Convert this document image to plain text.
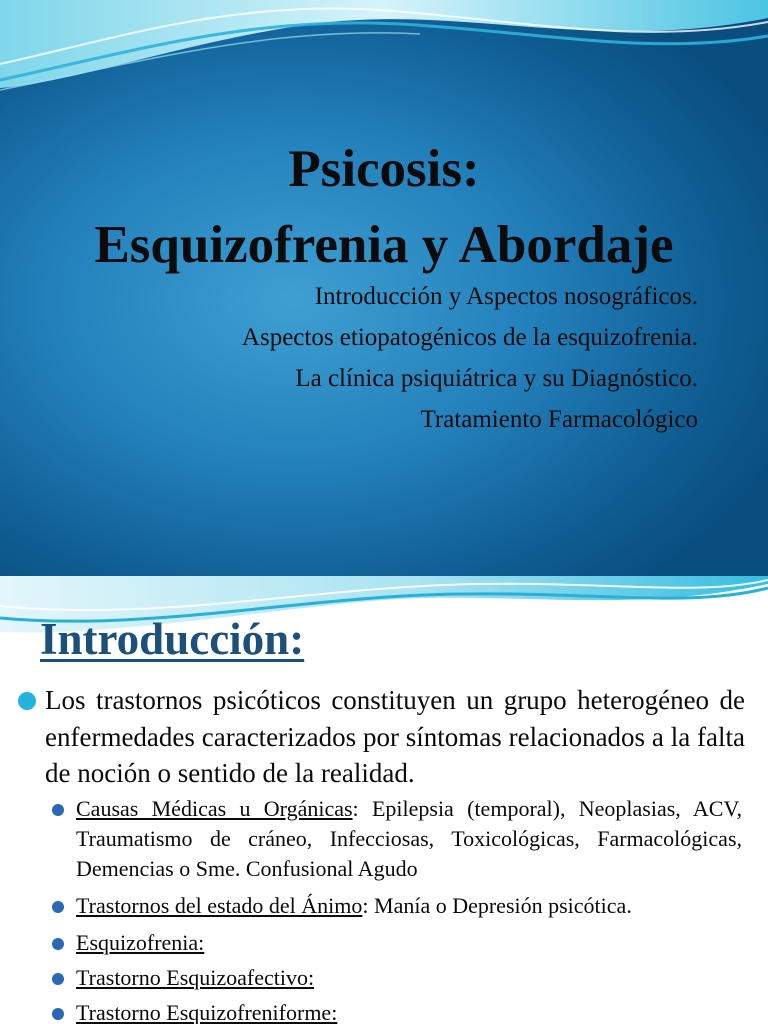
Psicosis:
Esquizofrenia y Abordaje
Introducción y Aspectos nosográficos.
Aspectos etiopatogénicos de la esquizofrenia.
La clínica psiquiátrica y su Diagnóstico.
Tratamiento Farmacológico
Introducción:
Los trastornos psicóticos constituyen un grupo heterogéneo de enfermedades caracterizados por síntomas relacionados a la falta de noción o sentido de la realidad.
Causas Médicas u Orgánicas: Epilepsia (temporal), Neoplasias, ACV, Traumatismo de cráneo, Infecciosas, Toxicológicas, Farmacológicas, Demencias o Sme. Confusional Agudo
Trastornos del estado del Ánimo: Manía o Depresión psicótica.
Esquizofrenia:
Trastorno Esquizoafectivo:
Trastorno Esquizofreniforme:
